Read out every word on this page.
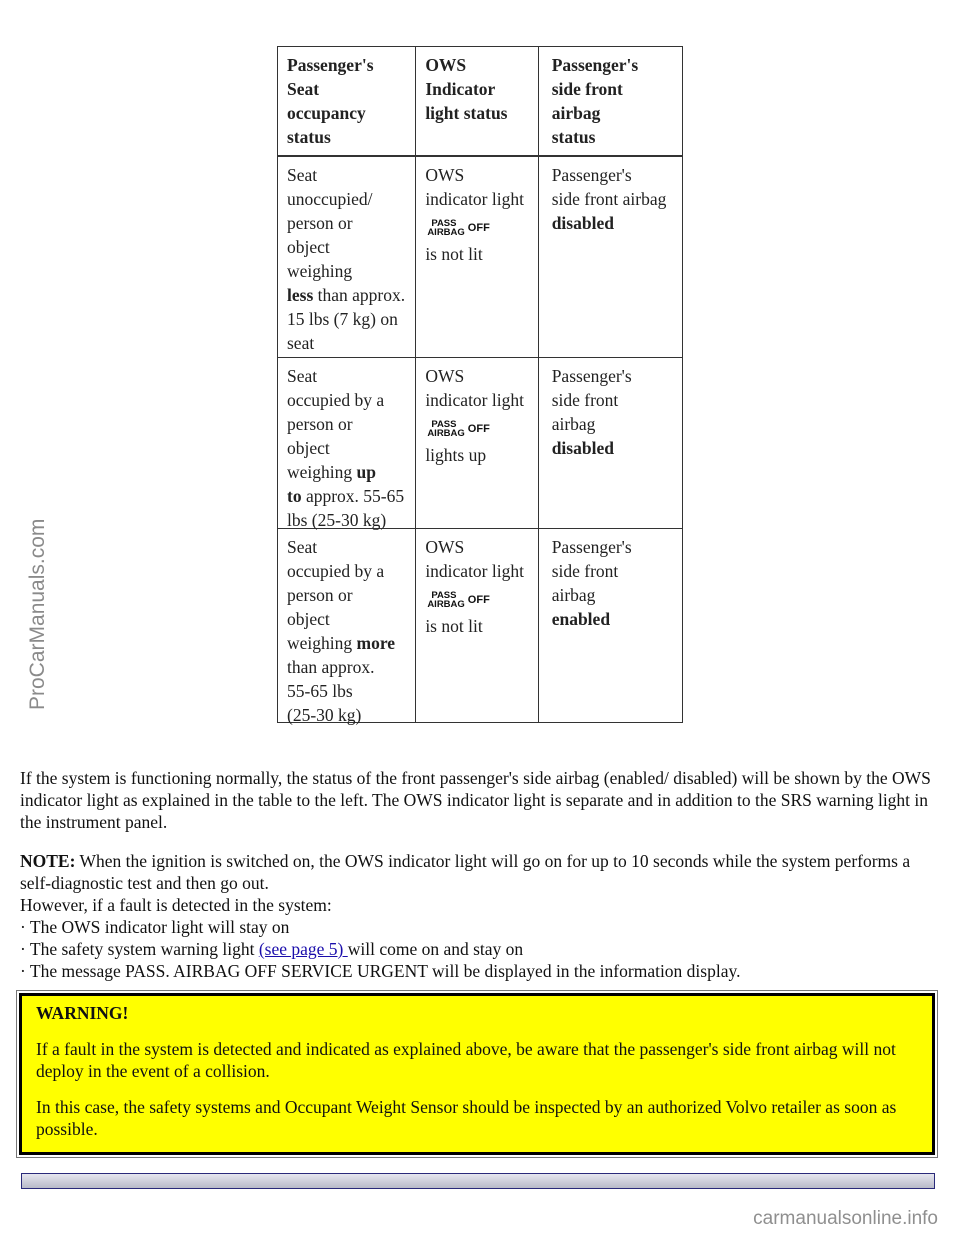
ProCarManuals.com
Passenger's
Seat
occupancy
status
OWS
Indicator
light status
Passenger's
side front
airbag
status
Seat
unoccupied/
person or
object
weighing
less than approx.
15 lbs (7 kg) on
seat
OWS
indicator light

PASS
AIRBAG OFF
is not lit
Passenger's
side front airbag
disabled
Seat
occupied by a
person or
object
weighing up
to approx. 55-65
lbs (25-30 kg)
OWS
indicator light

PASS
AIRBAG OFF
lights up
Passenger's
side front
airbag
disabled
Seat
occupied by a
person or
object
weighing more
than approx.
55-65 lbs
(25-30 kg)
OWS
indicator light

PASS
AIRBAG OFF
is not lit
Passenger's
side front
airbag
enabled
If the system is functioning normally, the status of the front passenger's side airbag (enabled/ disabled) will be shown by the OWS indicator light as explained in the table to the left. The OWS indicator light is separate and in addition to the SRS warning light in the instrument panel.
NOTE: When the ignition is switched on, the OWS indicator light will go on for up to 10 seconds while the system performs a self-diagnostic test and then go out.
However, if a fault is detected in the system:
· The OWS indicator light will stay on
· The safety system warning light (see page 5) will come on and stay on
· The message PASS. AIRBAG OFF SERVICE URGENT will be displayed in the information display.

WARNING!

If a fault in the system is detected and indicated as explained above, be aware that the passenger's side front airbag will not deploy in the event of a collision.

In this case, the safety systems and Occupant Weight Sensor should be inspected by an authorized Volvo retailer as soon as possible.

carmanualsonline.info
